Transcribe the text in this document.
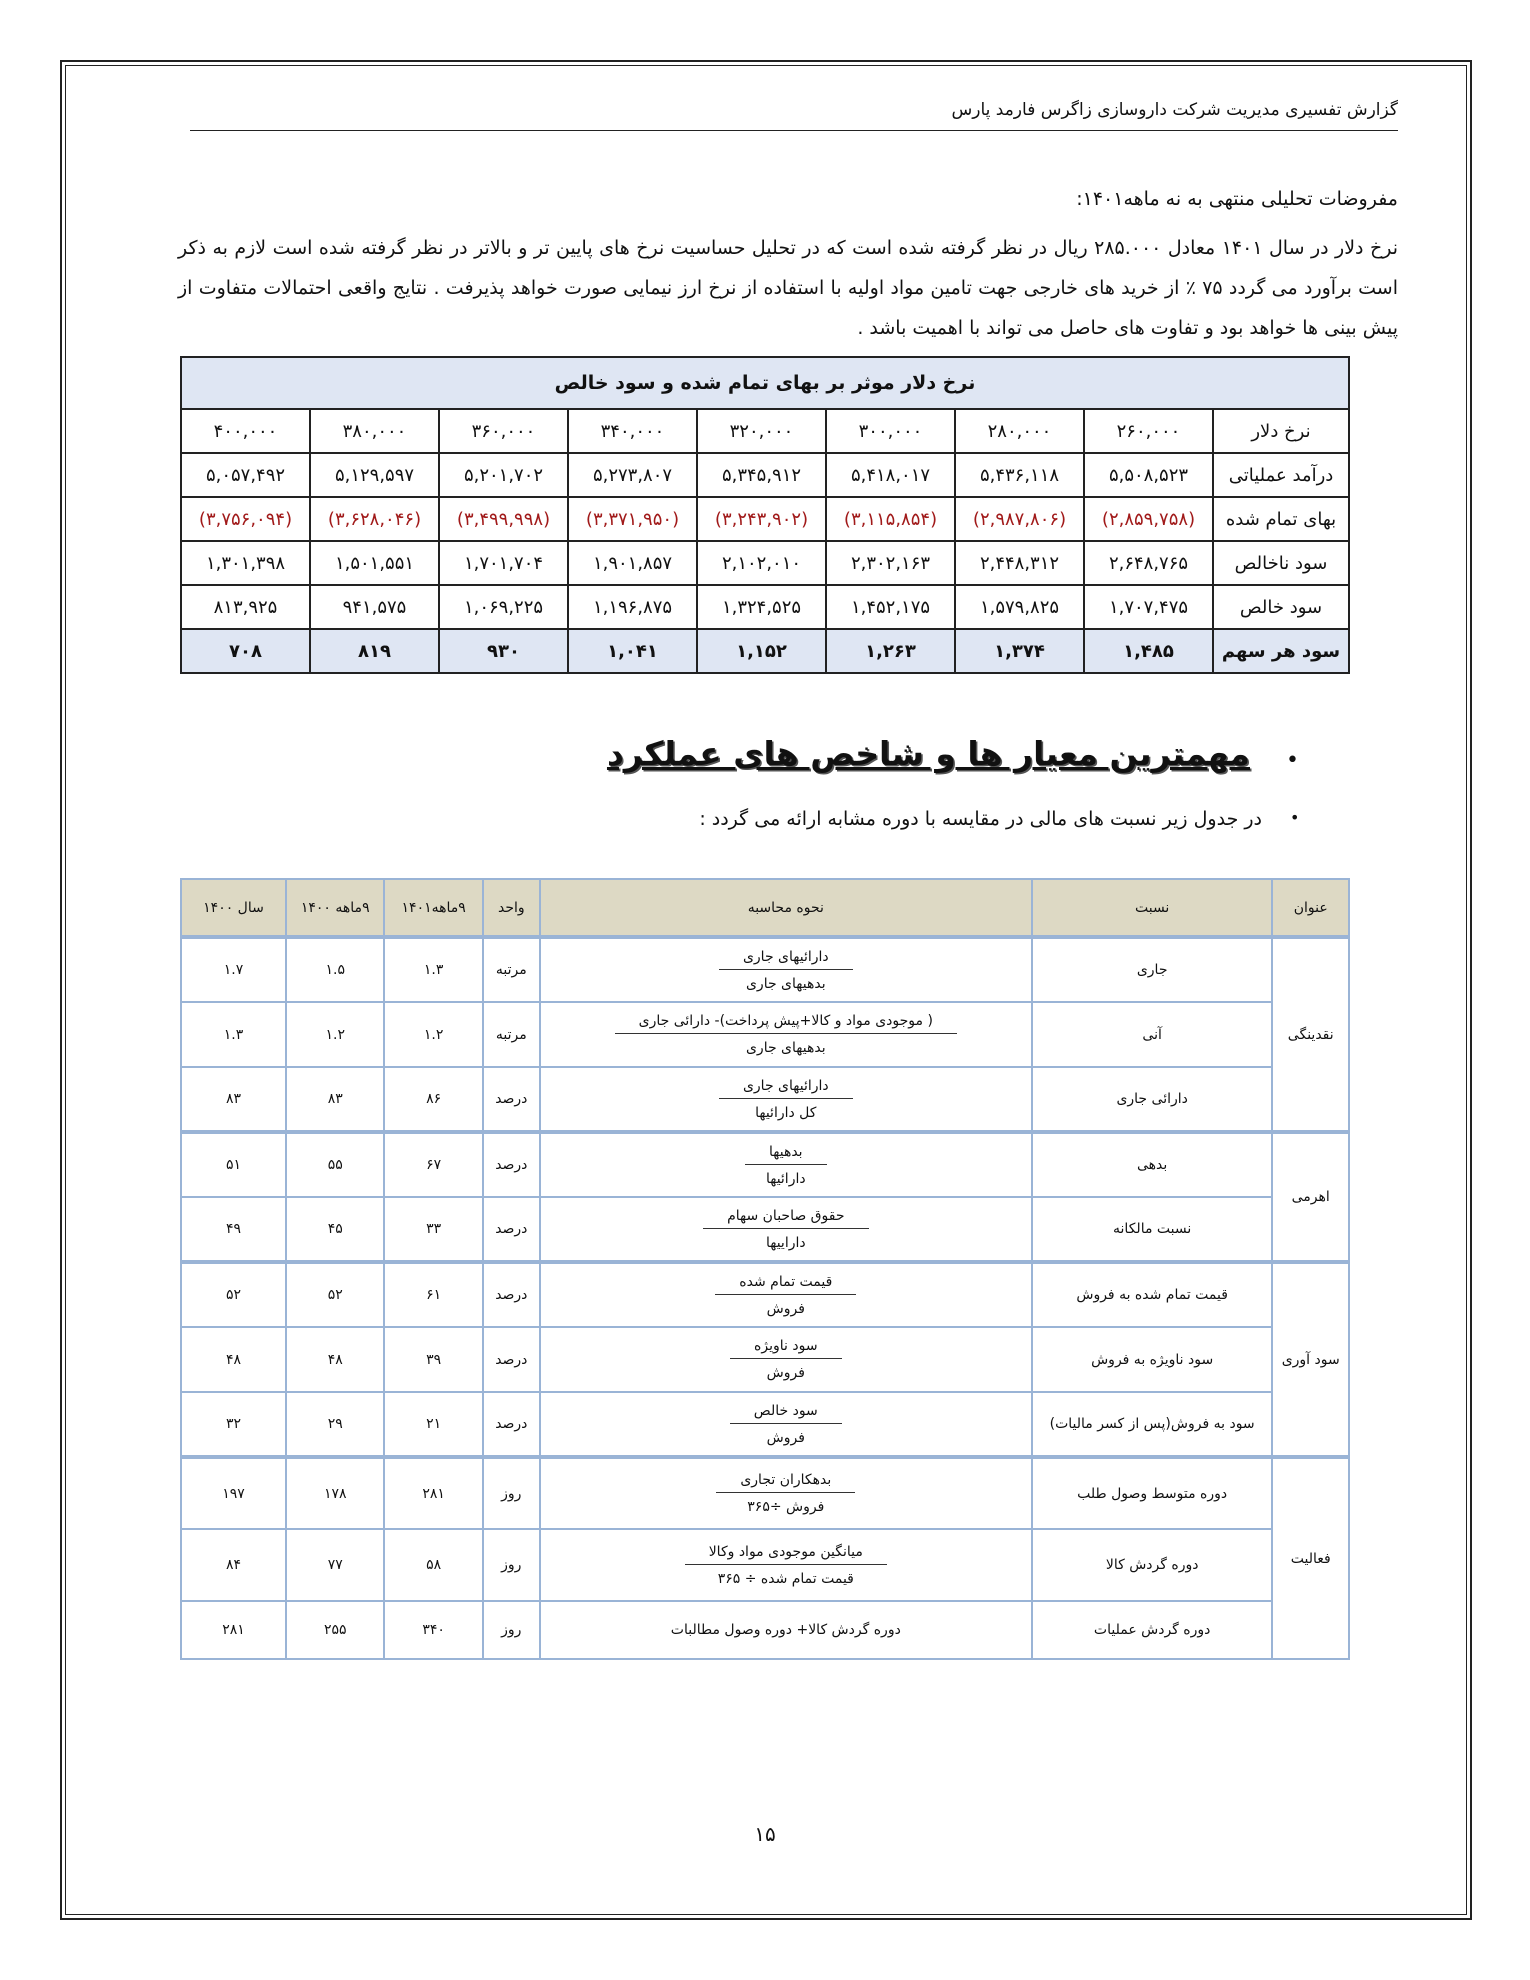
گزارش تفسیری مدیریت شرکت داروسازی زاگرس فارمد پارس
مفروضات تحلیلی منتهی به نه ماهه۱۴۰۱:
نرخ دلار در سال ۱۴۰۱ معادل ۲۸۵.۰۰۰ ریال در نظر گرفته شده است که در تحلیل حساسیت نرخ های پایین تر و بالاتر در نظر گرفته شده است لازم به ذکر است برآورد می گردد ۷۵ ٪ از خرید های خارجی جهت تامین مواد اولیه با استفاده از نرخ ارز نیمایی صورت خواهد پذیرفت . نتایج واقعی احتمالات متفاوت از پیش بینی ها خواهد بود و تفاوت های حاصل می تواند با اهمیت باشد .
نرخ دلار موثر بر بهای تمام شده و سود خالص								
نرخ دلار	۲۶۰,۰۰۰	۲۸۰,۰۰۰	۳۰۰,۰۰۰	۳۲۰,۰۰۰	۳۴۰,۰۰۰	۳۶۰,۰۰۰	۳۸۰,۰۰۰	۴۰۰,۰۰۰
درآمد عملیاتی	۵,۵۰۸,۵۲۳	۵,۴۳۶,۱۱۸	۵,۴۱۸,۰۱۷	۵,۳۴۵,۹۱۲	۵,۲۷۳,۸۰۷	۵,۲۰۱,۷۰۲	۵,۱۲۹,۵۹۷	۵,۰۵۷,۴۹۲
بهای تمام شده	(۲,۸۵۹,۷۵۸)	(۲,۹۸۷,۸۰۶)	(۳,۱۱۵,۸۵۴)	(۳,۲۴۳,۹۰۲)	(۳,۳۷۱,۹۵۰)	(۳,۴۹۹,۹۹۸)	(۳,۶۲۸,۰۴۶)	(۳,۷۵۶,۰۹۴)
سود ناخالص	۲,۶۴۸,۷۶۵	۲,۴۴۸,۳۱۲	۲,۳۰۲,۱۶۳	۲,۱۰۲,۰۱۰	۱,۹۰۱,۸۵۷	۱,۷۰۱,۷۰۴	۱,۵۰۱,۵۵۱	۱,۳۰۱,۳۹۸
سود خالص	۱,۷۰۷,۴۷۵	۱,۵۷۹,۸۲۵	۱,۴۵۲,۱۷۵	۱,۳۲۴,۵۲۵	۱,۱۹۶,۸۷۵	۱,۰۶۹,۲۲۵	۹۴۱,۵۷۵	۸۱۳,۹۲۵
سود هر سهم	۱,۴۸۵	۱,۳۷۴	۱,۲۶۳	۱,۱۵۲	۱,۰۴۱	۹۳۰	۸۱۹	۷۰۸
•
مهمترین معیار ها و شاخص های عملکرد
•
در جدول زیر نسبت های مالی در مقایسه با دوره مشابه ارائه می گردد :
عنوان	نسبت	نحوه محاسبه	واحد	۹ماهه۱۴۰۱	۹ماهه ۱۴۰۰	سال ۱۴۰۰
نقدینگی	جاری	$\frac{\text{دارائیهای جاری}}{\text{بدهیهای جاری}}$	مرتبه	۱.۳	۱.۵	۱.۷
	آنی	$\frac{\text{( موجودی مواد و کالا+پیش پرداخت)- دارائی جاری}}{\text{بدهیهای جاری}}$	مرتبه	۱.۲	۱.۲	۱.۳
	دارائی جاری	$\frac{\text{دارائیهای جاری}}{\text{کل دارائیها}}$	درصد	۸۶	۸۳	۸۳
اهرمی	بدهی	$\frac{\text{بدهیها}}{\text{دارائیها}}$	درصد	۶۷	۵۵	۵۱
	نسبت مالکانه	$\frac{\text{حقوق صاحبان سهام}}{\text{داراییها}}$	درصد	۳۳	۴۵	۴۹
سود آوری	قیمت تمام شده به فروش	$\frac{\text{قیمت تمام شده}}{\text{فروش}}$	درصد	۶۱	۵۲	۵۲
	سود ناویژه به فروش	$\frac{\text{سود ناویژه}}{\text{فروش}}$	درصد	۳۹	۴۸	۴۸
	سود به فروش(پس از کسر مالیات)	$\frac{\text{سود خالص}}{\text{فروش}}$	درصد	۲۱	۲۹	۳۲
فعالیت	دوره متوسط وصول طلب	$\frac{\text{بدهکاران تجاری}}{\text{فروش ÷۳۶۵}}$	روز	۲۸۱	۱۷۸	۱۹۷
	دوره گردش کالا	$\frac{\text{میانگین موجودی مواد وکالا}}{\text{قیمت تمام شده ÷ ۳۶۵}}$	روز	۵۸	۷۷	۸۴
	دوره گردش عملیات	دوره گردش کالا+ دوره وصول مطالبات	روز	۳۴۰	۲۵۵	۲۸۱
۱۵
